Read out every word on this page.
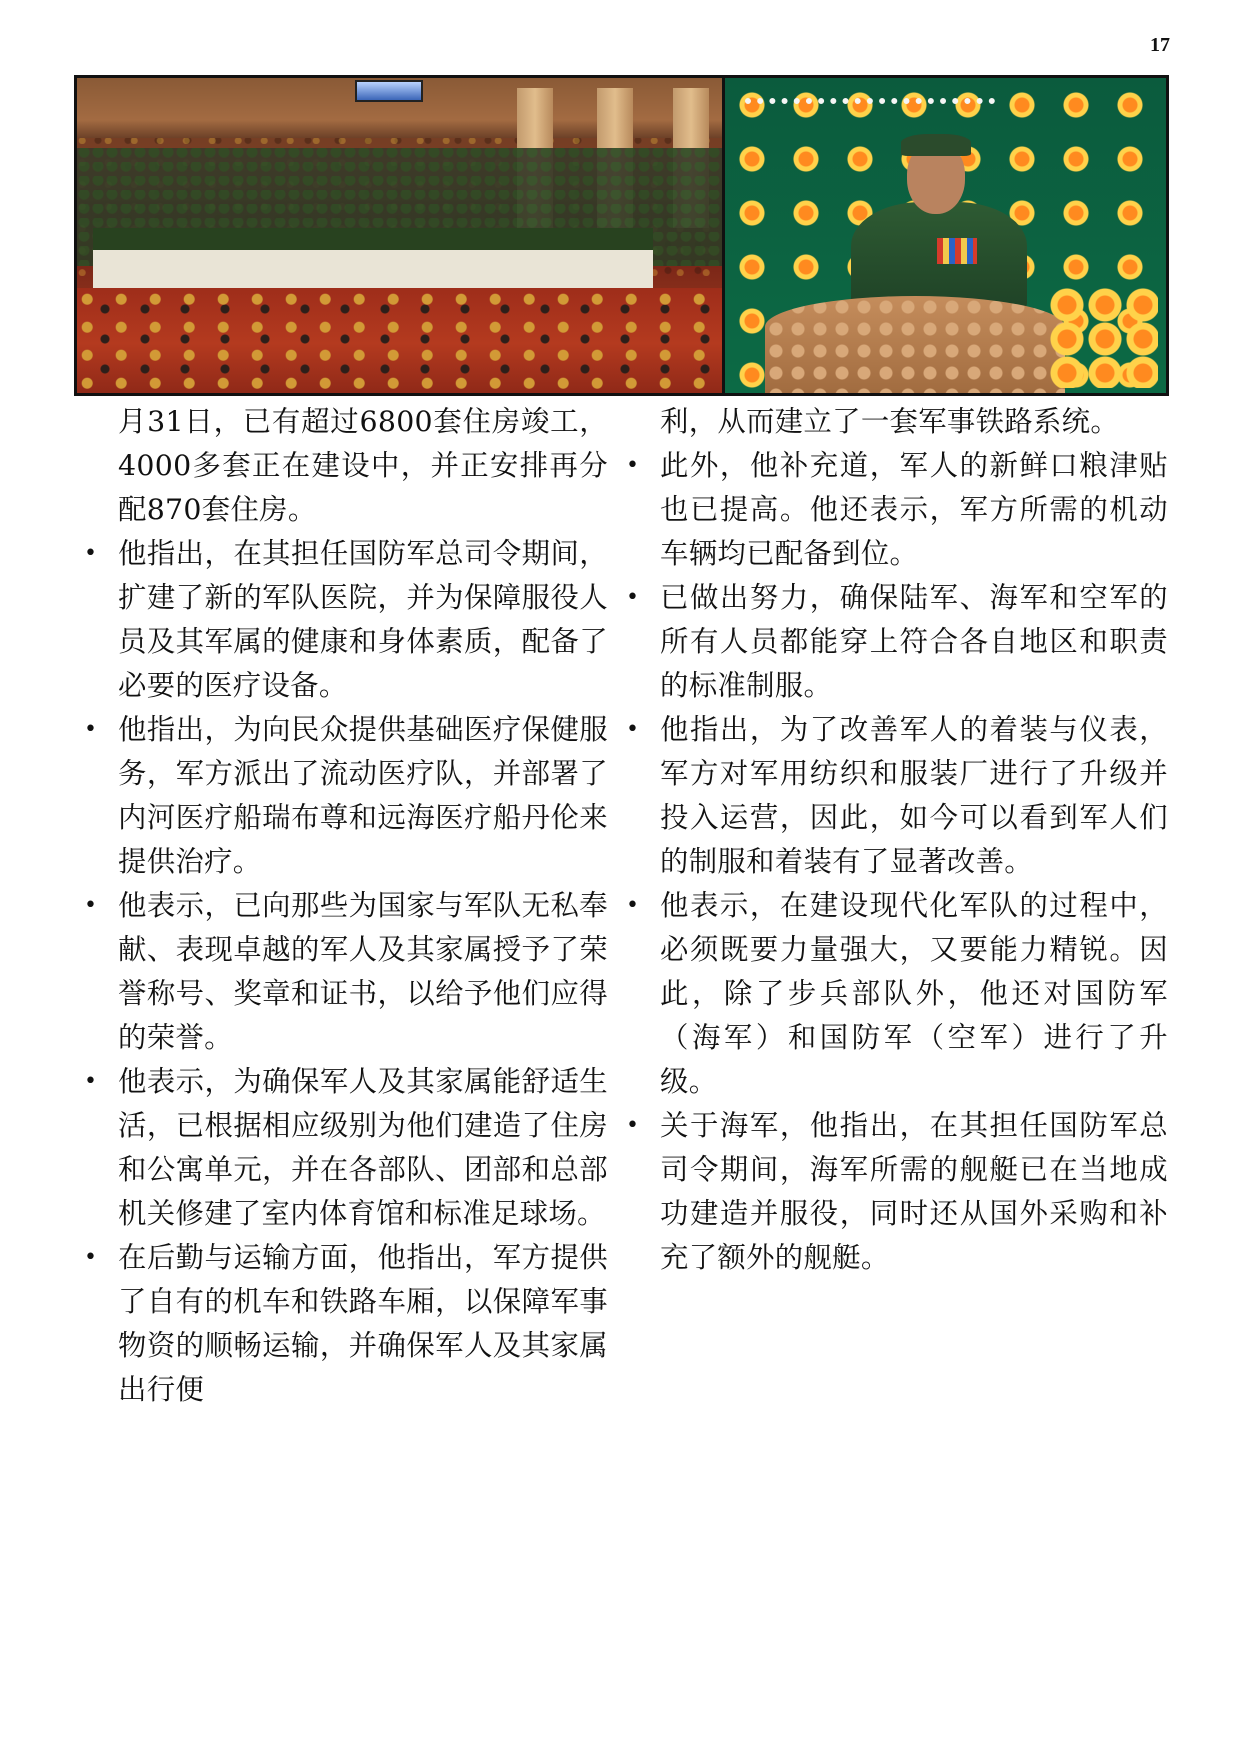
17

月31日，已有超过6800套住房竣工，4000多套正在建设中，并正安排再分配870套住房。

• 他指出，在其担任国防军总司令期间，扩建了新的军队医院，并为保障服役人员及其军属的健康和身体素质，配备了必要的医疗设备。

• 他指出，为向民众提供基础医疗保健服务，军方派出了流动医疗队，并部署了内河医疗船瑞布尊和远海医疗船丹伦来提供治疗。

• 他表示，已向那些为国家与军队无私奉献、表现卓越的军人及其家属授予了荣誉称号、奖章和证书，以给予他们应得的荣誉。

• 他表示，为确保军人及其家属能舒适生活，已根据相应级别为他们建造了住房和公寓单元，并在各部队、团部和总部机关修建了室内体育馆和标准足球场。

• 在后勤与运输方面，他指出，军方提供了自有的机车和铁路车厢，以保障军事物资的顺畅运输，并确保军人及其家属出行便

利，从而建立了一套军事铁路系统。

• 此外，他补充道，军人的新鲜口粮津贴也已提高。他还表示，军方所需的机动车辆均已配备到位。

• 已做出努力，确保陆军、海军和空军的所有人员都能穿上符合各自地区和职责的标准制服。

• 他指出，为了改善军人的着装与仪表，军方对军用纺织和服装厂进行了升级并投入运营，因此，如今可以看到军人们的制服和着装有了显著改善。

• 他表示，在建设现代化军队的过程中，必须既要力量强大，又要能力精锐。因此，除了步兵部队外，他还对国防军（海军）和国防军（空军）进行了升级。

• 关于海军，他指出，在其担任国防军总司令期间，海军所需的舰艇已在当地成功建造并服役，同时还从国外采购和补充了额外的舰艇。
